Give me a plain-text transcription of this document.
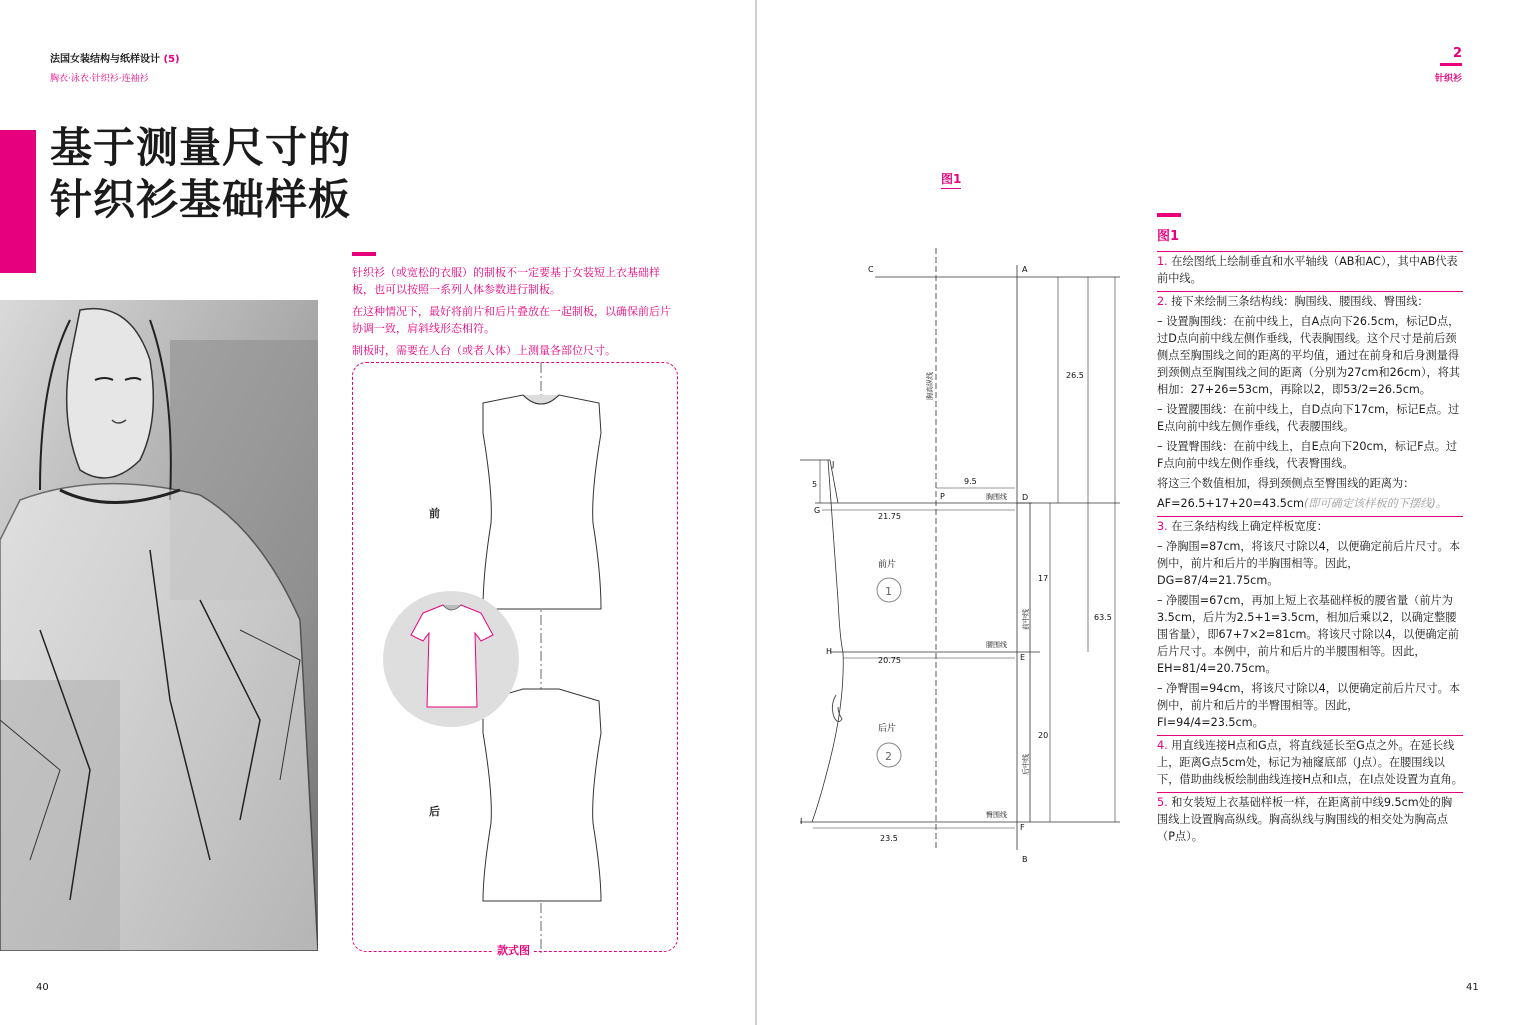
法国女装结构与纸样设计 (5)
胸衣·泳衣·针织衫·连袖衫
基于测量尺寸的
针织衫基础样板

针织衫（或宽松的衣服）的制板不一定要基于女装短上衣基础样板，也可以按照一系列人体参数进行制板。

在这种情况下，最好将前片和后片叠放在一起制板，以确保前后片协调一致，肩斜线形态相符。

制板时，需要在人台（或者人体）上测量各部位尺寸。

前
后
款式图
40
2
针织衫
图1
C	A
J
P	D
G
H
E
I
F
B
胸围线
腰围线
臀围线
胸高纵线
前中线
后中线
26.5
9.5
5
21.75
17
63.5
20.75
20
23.5
前片
1
后片
2
图1

1. 在绘图纸上绘制垂直和水平轴线（AB和AC），其中AB代表前中线。

2. 接下来绘制三条结构线：胸围线、腰围线、臀围线：

– 设置胸围线：在前中线上，自A点向下26.5cm，标记D点，过D点向前中线左侧作垂线，代表胸围线。这个尺寸是前后颈侧点至胸围线之间的距离的平均值，通过在前身和后身测量得到颈侧点至胸围线之间的距离（分别为27cm和26cm），将其相加：27+26=53cm，再除以2，即53/2=26.5cm。

– 设置腰围线：在前中线上，自D点向下17cm，标记E点。过E点向前中线左侧作垂线，代表腰围线。

– 设置臀围线：在前中线上，自E点向下20cm，标记F点。过F点向前中线左侧作垂线，代表臀围线。

将这三个数值相加，得到颈侧点至臀围线的距离为：

AF=26.5+17+20=43.5cm(即可确定该样板的下摆线)。

3. 在三条结构线上确定样板宽度：

– 净胸围=87cm，将该尺寸除以4，以便确定前后片尺寸。本例中，前片和后片的半胸围相等。因此，DG=87/4=21.75cm。

– 净腰围=67cm，再加上短上衣基础样板的腰省量（前片为3.5cm，后片为2.5+1=3.5cm，相加后乘以2，以确定整腰围省量），即67+7×2=81cm。将该尺寸除以4，以便确定前后片尺寸。本例中，前片和后片的半腰围相等。因此，EH=81/4=20.75cm。

– 净臀围=94cm，将该尺寸除以4，以便确定前后片尺寸。本例中，前片和后片的半臀围相等。因此，FI=94/4=23.5cm。

4. 用直线连接H点和G点，将直线延长至G点之外。在延长线上，距离G点5cm处，标记为袖窿底部（J点）。在腰围线以下，借助曲线板绘制曲线连接H点和I点，在I点处设置为直角。

5. 和女装短上衣基础样板一样，在距离前中线9.5cm处的胸围线上设置胸高纵线。胸高纵线与胸围线的相交处为胸高点（P点）。

41
